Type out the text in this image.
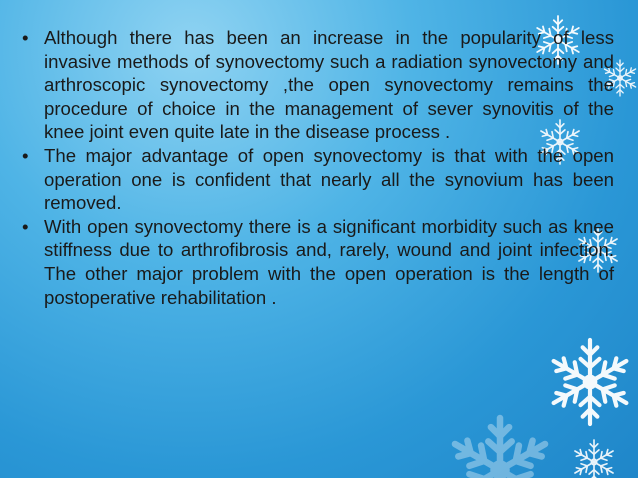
• Although there has been an increase in the popularity of less invasive methods of synovectomy such a radiation synovectomy and arthroscopic synovectomy ,the open synovectomy remains the procedure of choice in the management of sever synovitis of the knee joint even quite late in the disease process .

• The major advantage of open synovectomy is that with the open operation one is confident that nearly all the synovium has been removed.

• With open synovectomy there is a significant morbidity such as knee stiffness due to arthrofibrosis and, rarely, wound and joint infection. The other major problem with the open operation is the length of postoperative rehabilitation .
